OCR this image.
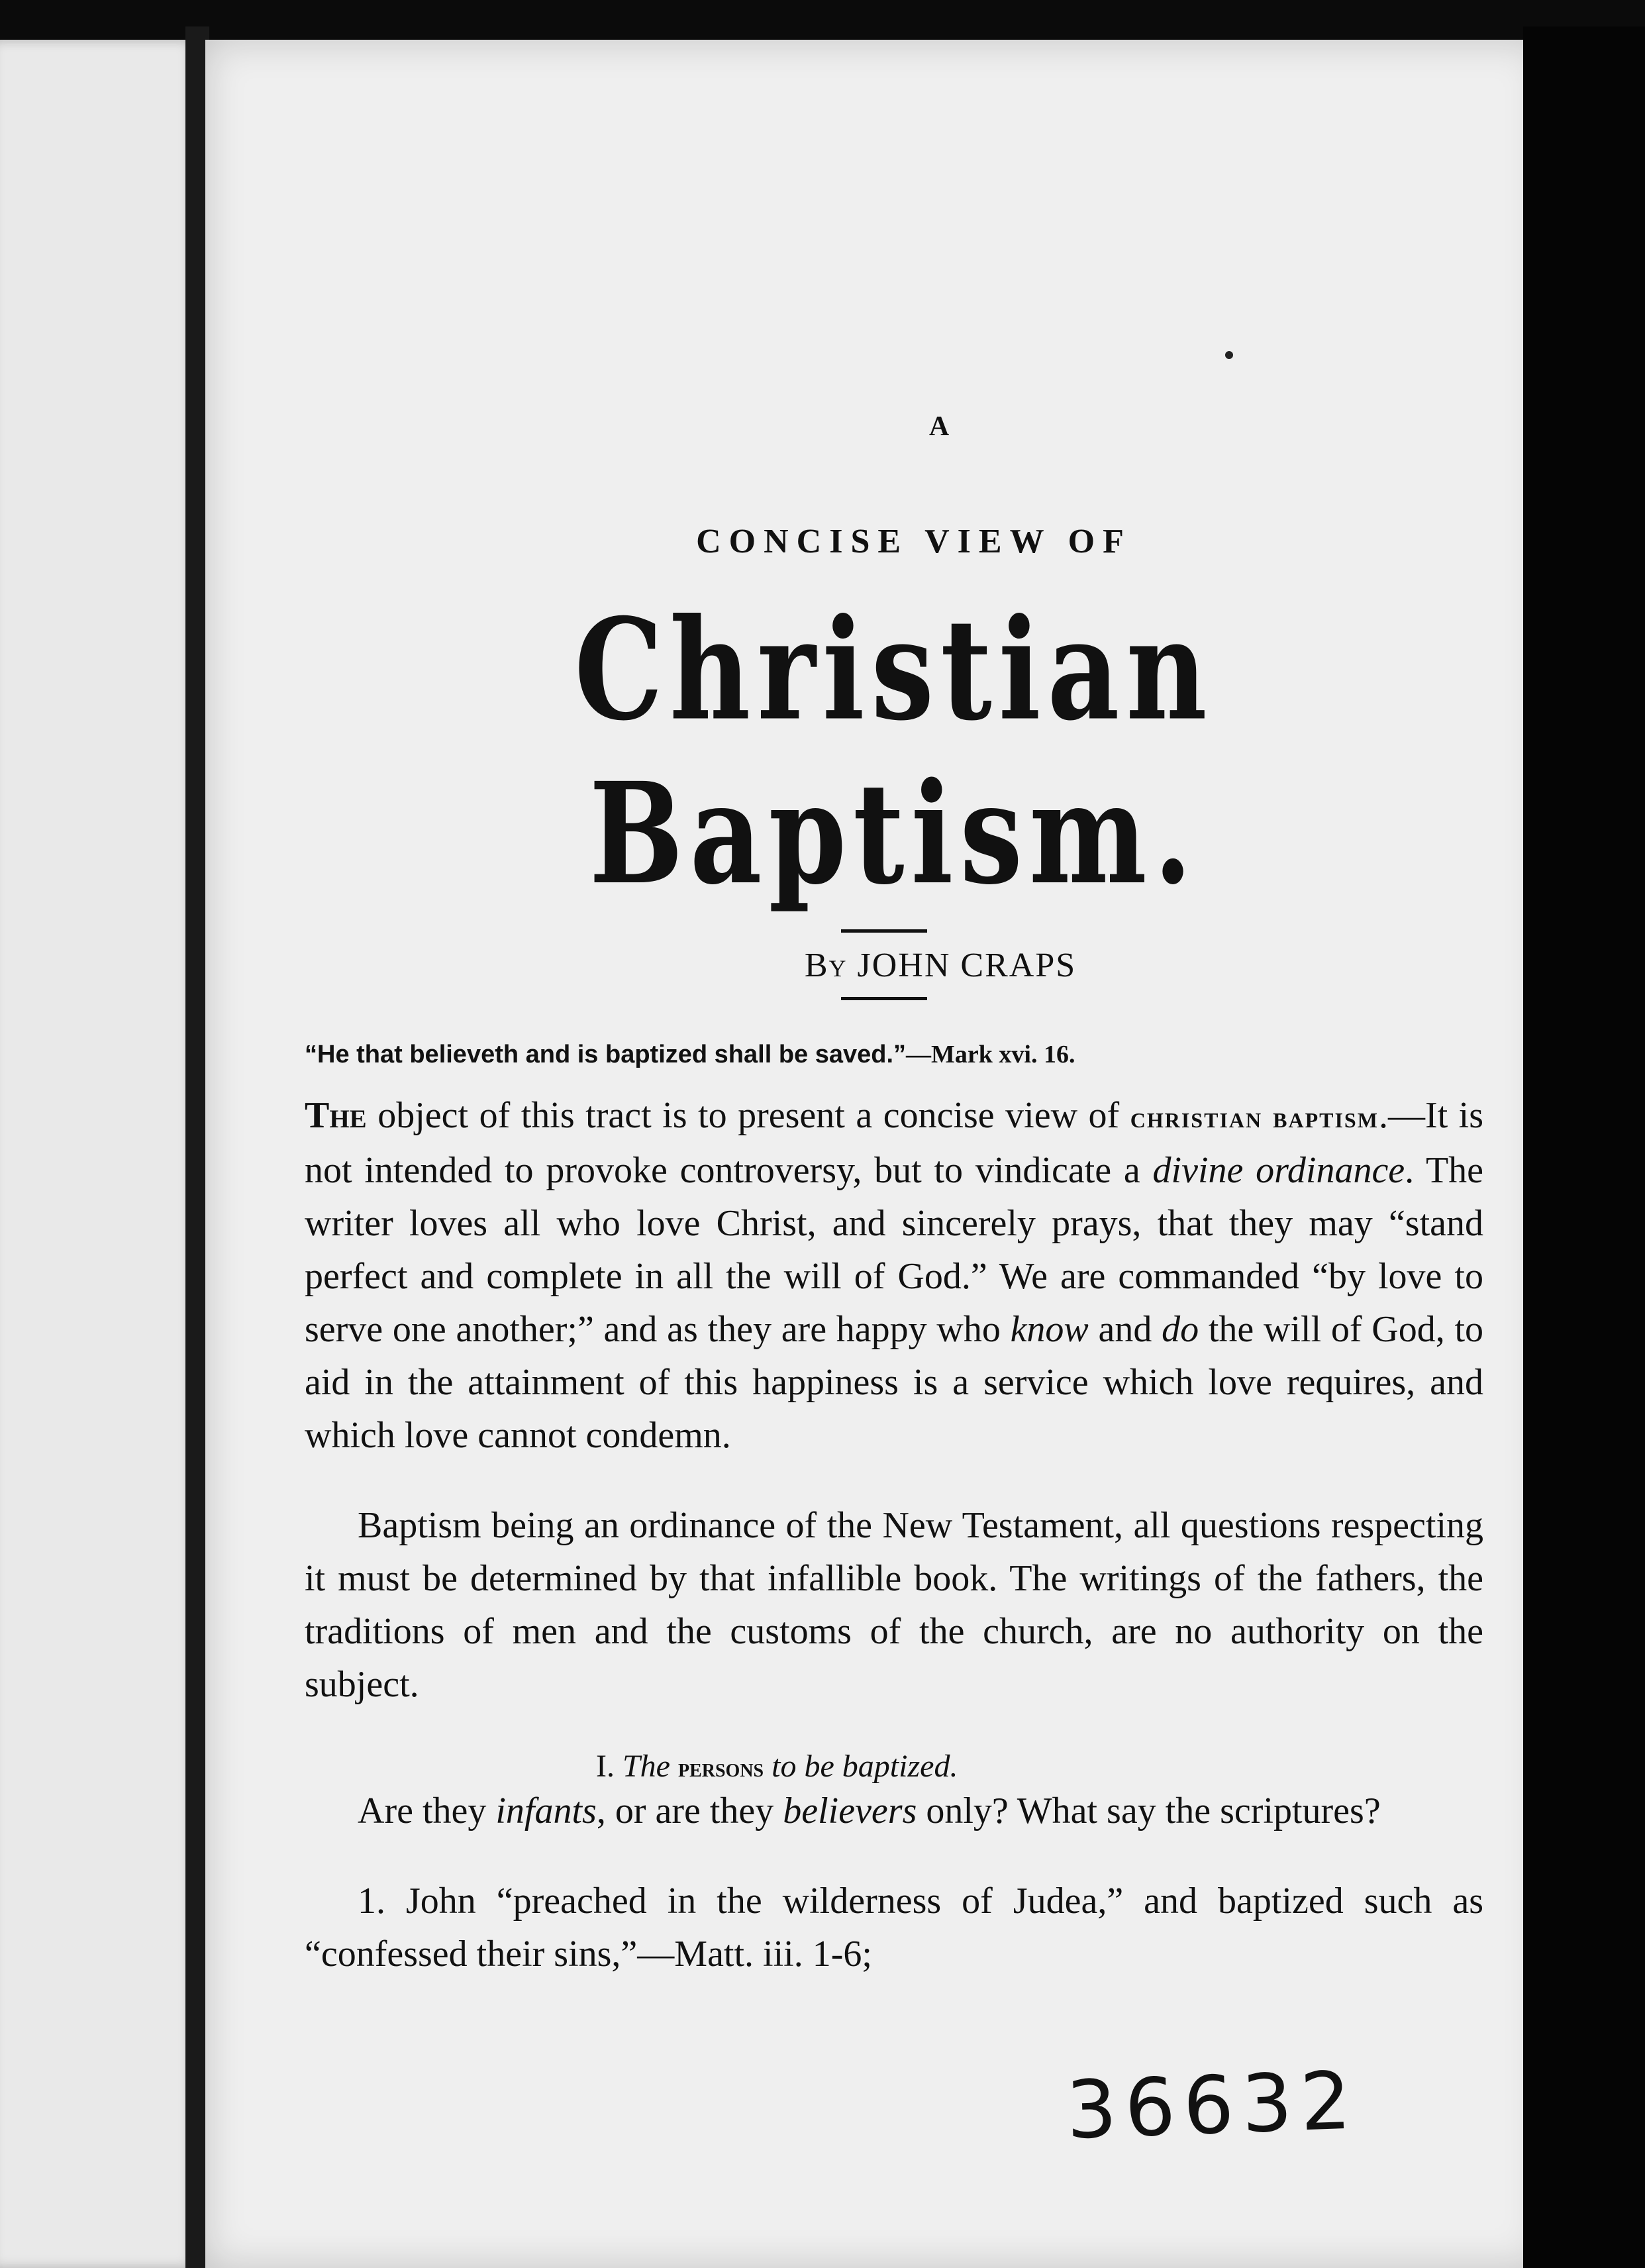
A
CONCISE VIEW OF
Christian Baptism.
By JOHN CRAPS
“He that believeth and is baptized shall be saved.”—Mark xvi. 16.

The object of this tract is to present a concise view of christian baptism.—It is not intended to provoke controversy, but to vindicate a divine ordinance. The writer loves all who love Christ, and sincerely prays, that they may “stand perfect and complete in all the will of God.” We are commanded “by love to serve one another;” and as they are happy who know and do the will of God, to aid in the attainment of this happiness is a service which love requires, and which love cannot condemn.

Baptism being an ordinance of the New Testament, all questions respecting it must be determined by that infallible book. The writings of the fathers, the traditions of men and the customs of the church, are no authority on the subject.

I. The persons to be baptized.

Are they infants, or are they believers only? What say the scriptures?

1. John “preached in the wilderness of Judea,” and baptized such as “confessed their sins,”—Matt. iii. 1-6;

36632
